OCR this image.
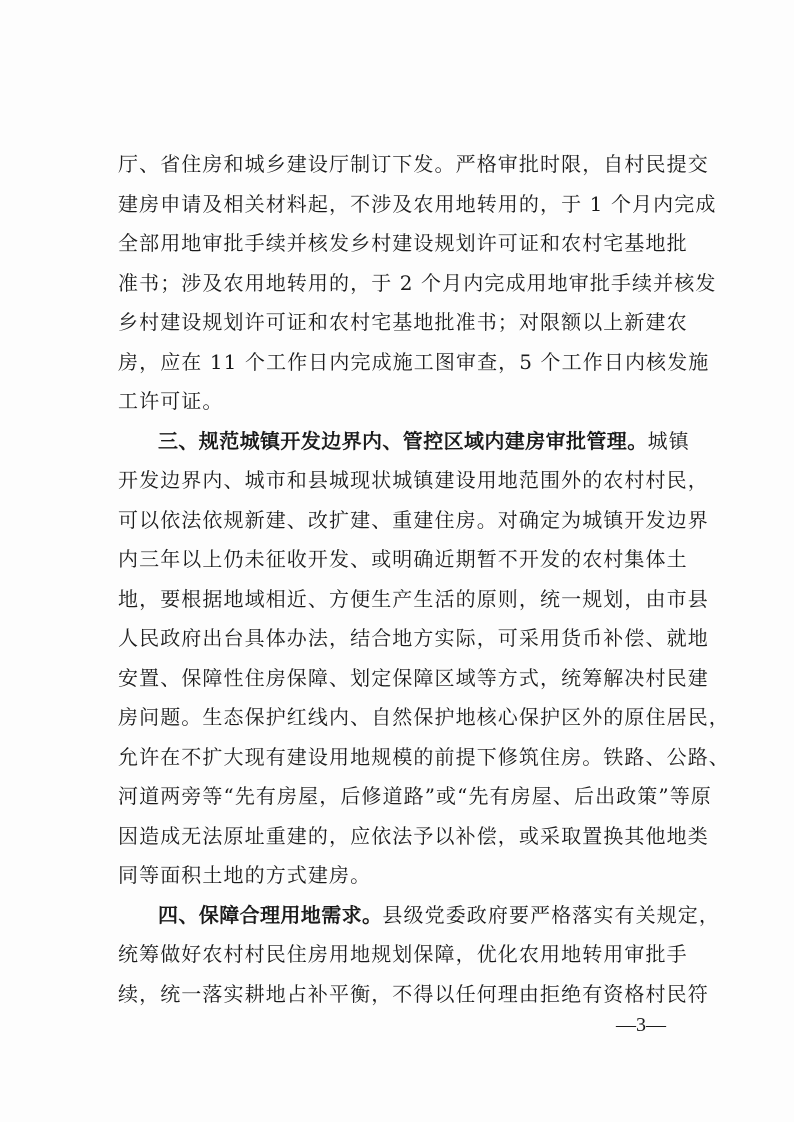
厅、省住房和城乡建设厅制订下发。严格审批时限，自村民提交
建房申请及相关材料起，不涉及农用地转用的，于 1 个月内完成
全部用地审批手续并核发乡村建设规划许可证和农村宅基地批
准书；涉及农用地转用的，于 2 个月内完成用地审批手续并核发
乡村建设规划许可证和农村宅基地批准书；对限额以上新建农
房，应在 11 个工作日内完成施工图审查，5 个工作日内核发施
工许可证。
三、规范城镇开发边界内、管控区域内建房审批管理。城镇
开发边界内、城市和县城现状城镇建设用地范围外的农村村民，
可以依法依规新建、改扩建、重建住房。对确定为城镇开发边界
内三年以上仍未征收开发、或明确近期暂不开发的农村集体土
地，要根据地域相近、方便生产生活的原则，统一规划，由市县
人民政府出台具体办法，结合地方实际，可采用货币补偿、就地
安置、保障性住房保障、划定保障区域等方式，统筹解决村民建
房问题。生态保护红线内、自然保护地核心保护区外的原住居民，
允许在不扩大现有建设用地规模的前提下修筑住房。铁路、公路、
河道两旁等“先有房屋，后修道路”或“先有房屋、后出政策”等原
因造成无法原址重建的，应依法予以补偿，或采取置换其他地类
同等面积土地的方式建房。
四、保障合理用地需求。县级党委政府要严格落实有关规定，
统筹做好农村村民住房用地规划保障，优化农用地转用审批手
续，统一落实耕地占补平衡，不得以任何理由拒绝有资格村民符
—3—
